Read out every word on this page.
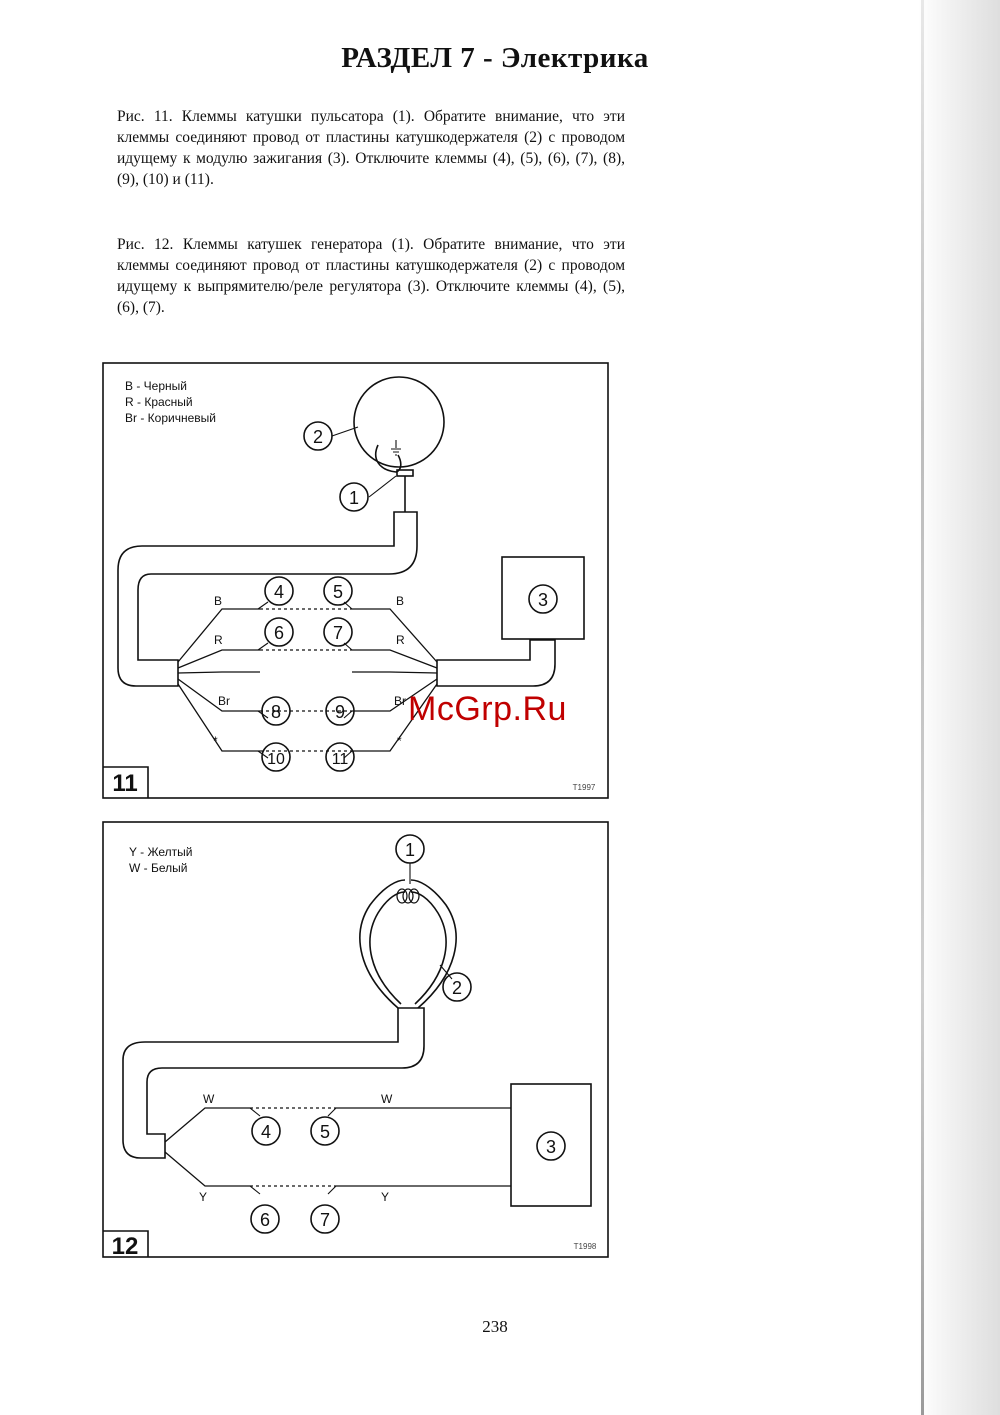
РАЗДЕЛ 7 - Электрика
Рис. 11. Клеммы катушки пульсатора (1). Обратите внимание, что эти клеммы соединяют провод от пластины катушкодержателя (2) с проводом идущему к модулю зажигания (3). Отключите клеммы (4), (5), (6), (7), (8), (9), (10) и (11).
Рис. 12. Клеммы катушек генератора (1). Обратите внимание, что эти клеммы соединяют провод от пластины катушкодержателя (2) с проводом идущему к выпрямителю/реле регулятора (3). Отключите клеммы (4), (5), (6), (7).
B - Черный
R - Красный
Br - Коричневый
B	B
R	R
Br	Br
*	*
2
1
3
4	5
6	7
8	9
10	11
11	T1997
Y - Желтый
W - Белый
W	W
Y	Y
1
2
3
4	5
6	7
12	T1998
McGrp.Ru
238
